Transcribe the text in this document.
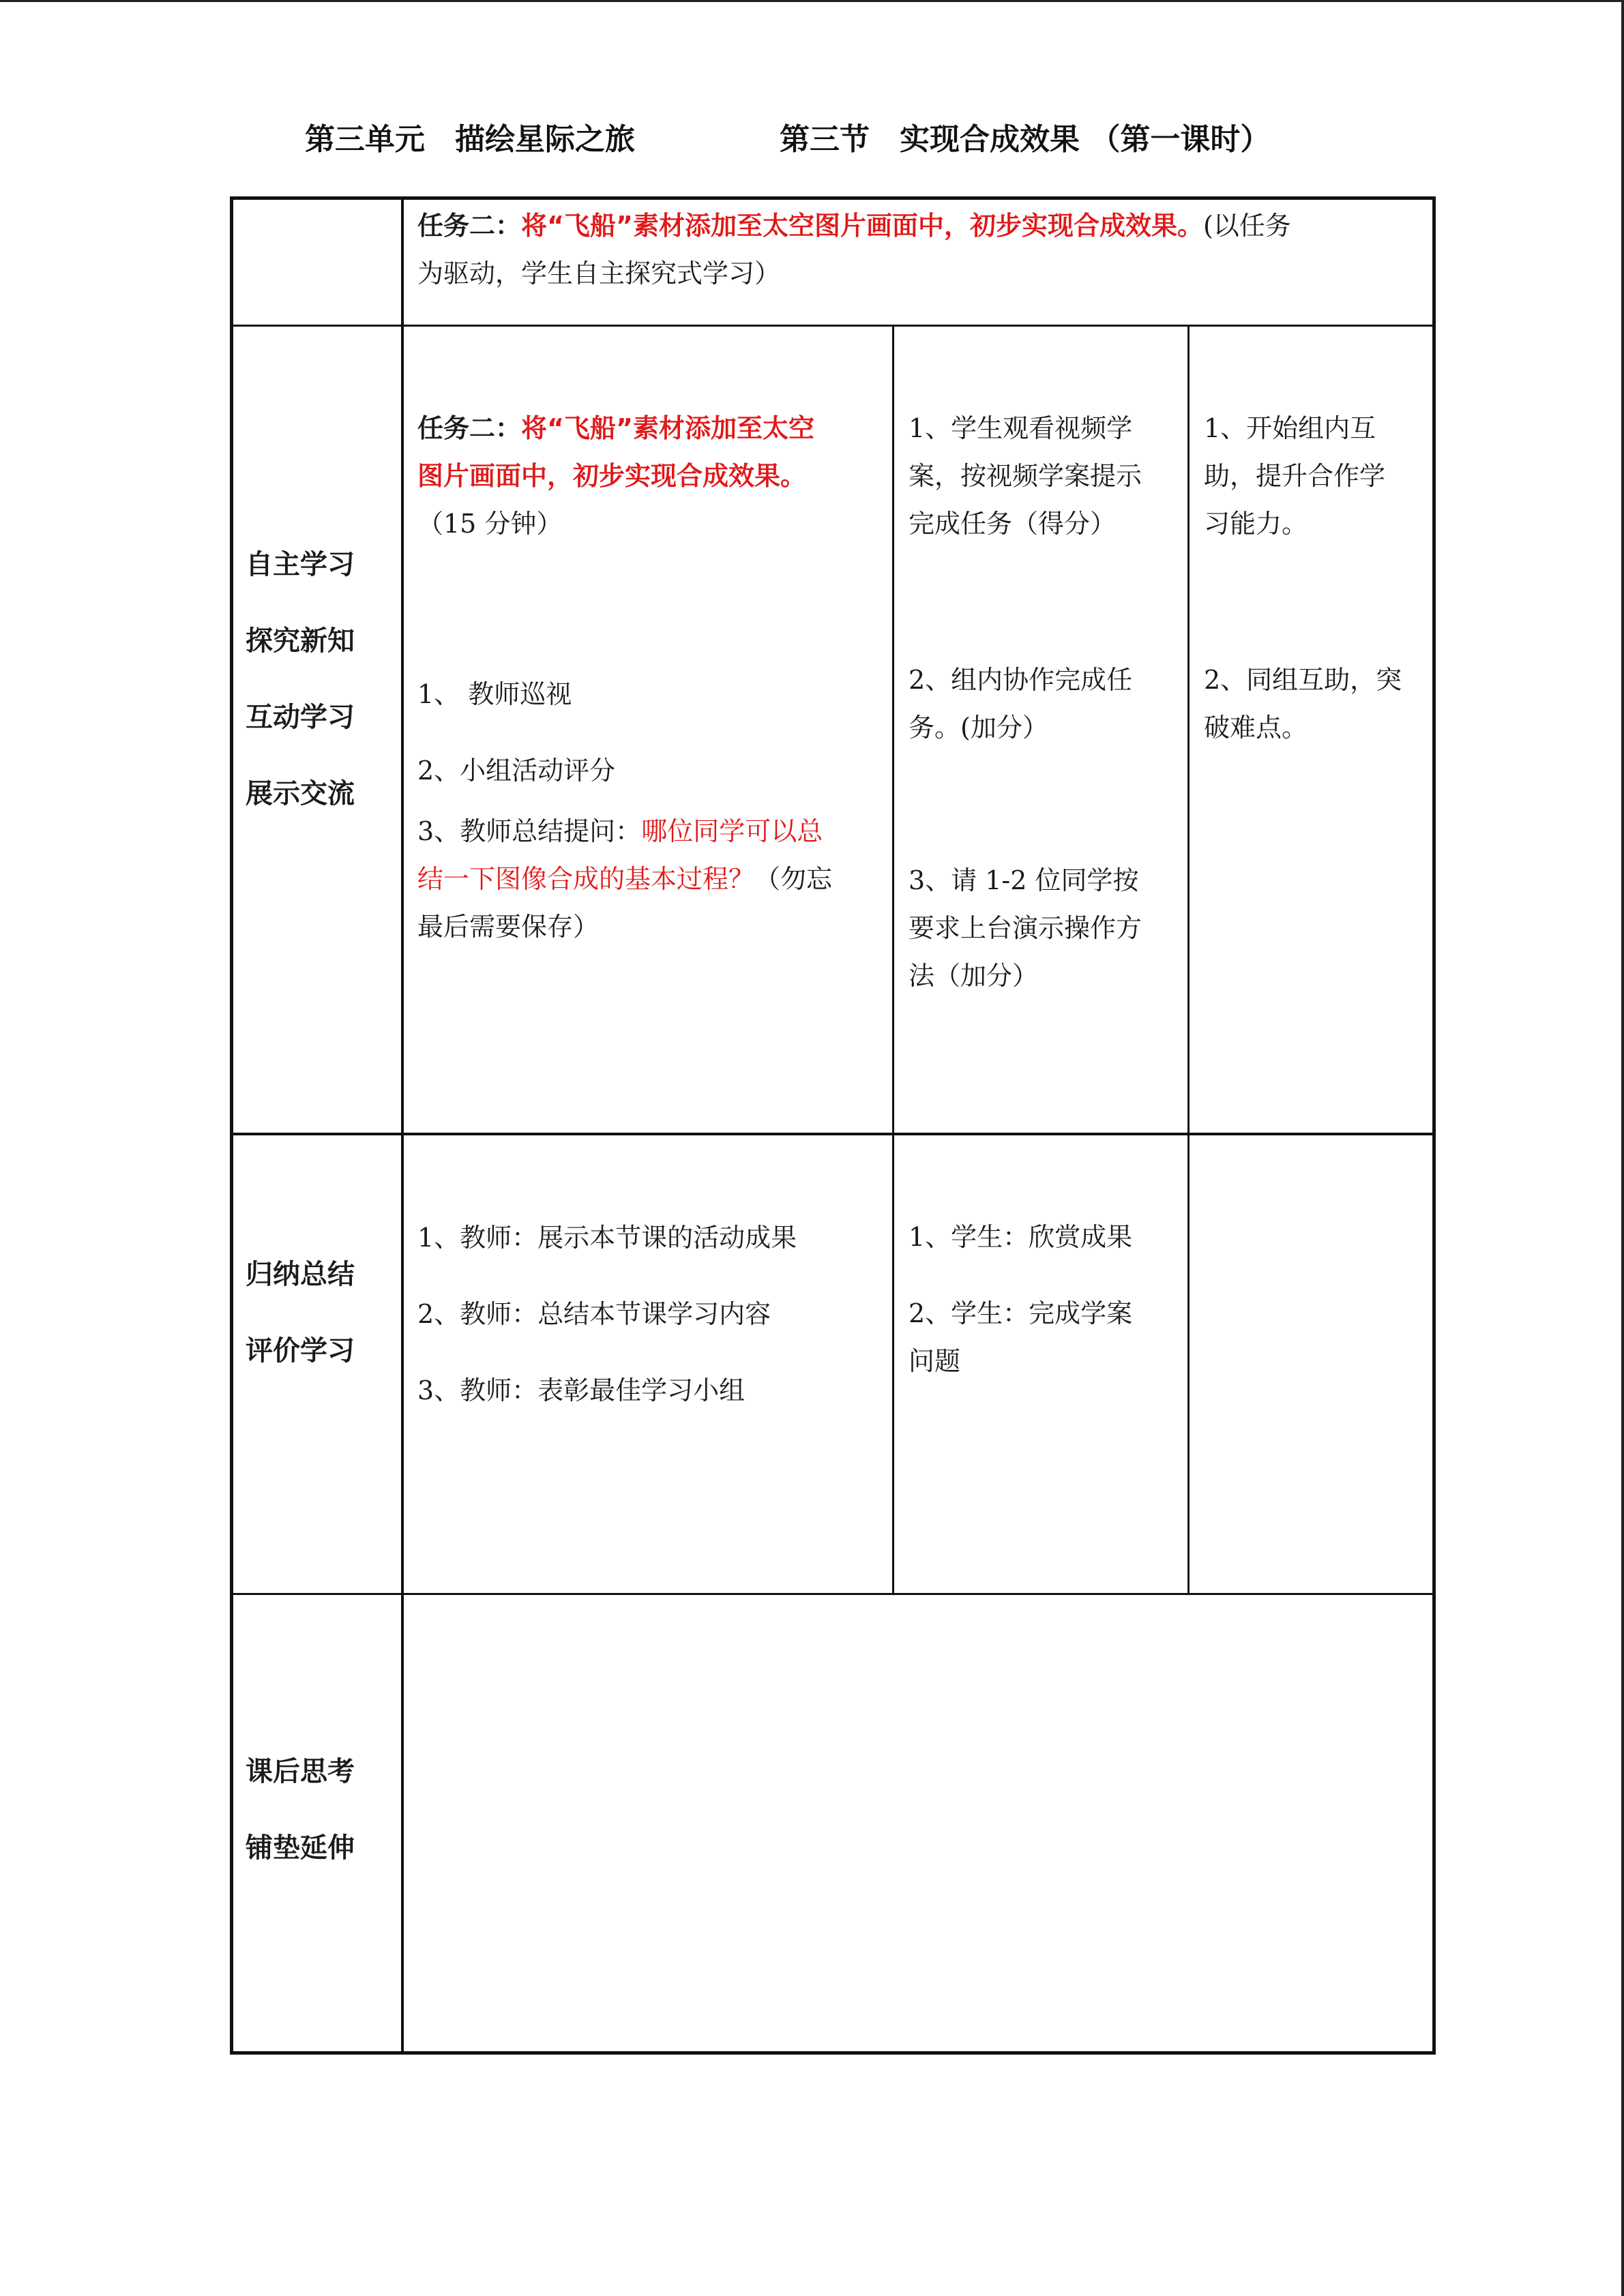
第三单元　描绘星际之旅	第三节　实现合成效果 （第一课时）

任务二：将“飞船”素材添加至太空图片画面中，初步实现合成效果。(以任务

为驱动，学生自主探究式学习）

自主学习
探究新知
互动学习
展示交流

任务二：将“飞船”素材添加至太空

图片画面中，初步实现合成效果。

（15 分钟）

1、 教师巡视

2、小组活动评分

3、教师总结提问：哪位同学可以总

结一下图像合成的基本过程？（勿忘

最后需要保存）

1、学生观看视频学

案，按视频学案提示

完成任务（得分）

2、组内协作完成任

务。(加分）

3、请 1-2 位同学按

要求上台演示操作方

法（加分）

1、开始组内互

助，提升合作学

习能力。

2、同组互助，突

破难点。

归纳总结
评价学习

1、教师：展示本节课的活动成果

2、教师：总结本节课学习内容

3、教师：表彰最佳学习小组

1、学生：欣赏成果

2、学生：完成学案

问题

课后思考
铺垫延伸
